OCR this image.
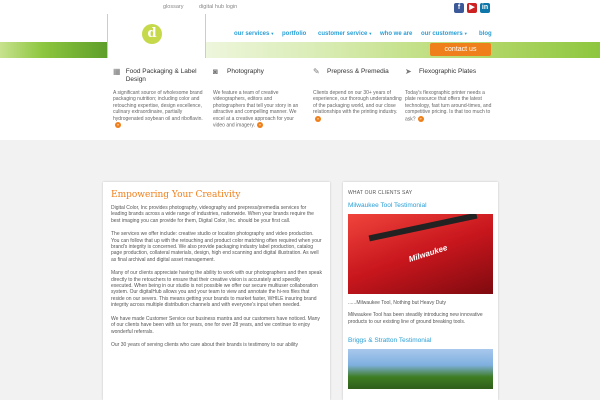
glossary	digital hub login	f	▶	in
d	our services▼ portfolio customer service▼ who we are our customers▼ blog
contact us
▦ Food Packaging & Label Design
A significant source of wholesome brand packaging nutrition; including color and retouching expertise, design excellence, culinary extraordinaire, partially hydrogenated soybean oil and riboflavin.»
◙	Photography
We feature a team of creative videographers, editors and photographers that tell your story in an attractive and compelling manner. We excel at a creative approach for your video and imagery. »
✎	Prepress & Premedia
Clients depend on our 30+ years of experience, our thorough understanding of the packaging world, and our close relationships with the printing industry.»
➤	Flexographic Plates
Today's flexographic printer needs a plate resource that offers the latest technology, fast turn around-times, and competitive pricing. Is that too much to ask? »
Empowering Your Creativity

Digital Color, Inc provides photography, videography and prepress/premedia services for leading brands across a wide range of industries, nationwide. When your brands require the best imaging you can provide for them, Digital Color, Inc. should be your first call.

The services we offer include: creative studio or location photography and video production. You can follow that up with the retouching and product color matching often required when your brand's integrity is concerned. We also provide packaging industry label production, catalog page production, collateral materials, design, high end scanning and digital illustration. As well as final archival and digital asset management.

Many of our clients appreciate having the ability to work with our photographers and then speak directly to the retouchers to ensure that their creative vision is accurately and speedily executed. When being in our studio is not possible we offer our secure multiuser collaboration system. Our digitalHub allows you and your team to view and annotate the hi-res files that reside on our severs. This means getting your brands to market faster, WHILE insuring brand integrity across multiple distribution channels and with everyone's input when needed.

We have made Customer Service our business mantra and our customers have noticed. Many of our clients have been with us for years, one for over 28 years, and we continue to enjoy wonderful referrals.

Our 30 years of serving clients who care about their brands is testimony to our ability

WHAT OUR CLIENTS SAY
Milwaukee Tool Testimonial
Milwaukee
......Milwaukee Tool, Nothing but Heavy Duty
Milwaukee Tool has been steadily introducing new innovative products to our existing line of ground breaking tools.
Briggs & Stratton Testimonial
